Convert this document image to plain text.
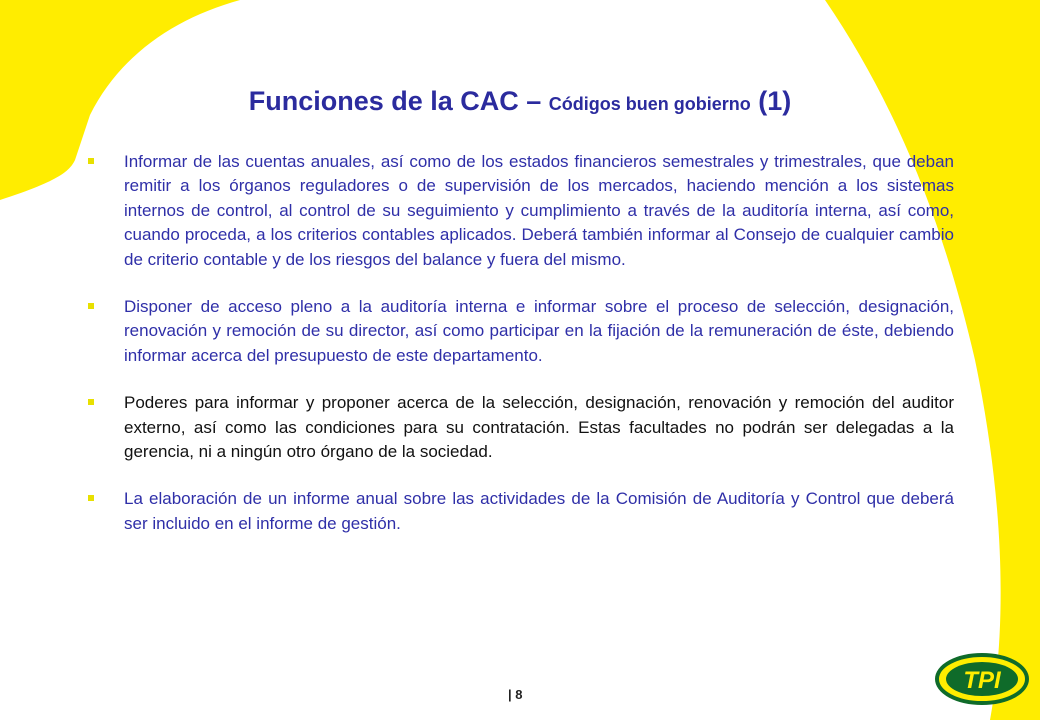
TPI
Funciones de la CAC – Códigos buen gobierno (1)
Informar de las cuentas anuales, así como de los estados financieros semestrales y trimestrales, que deban remitir a los órganos reguladores o de supervisión de los mercados, haciendo mención a los sistemas internos de control, al control de su seguimiento y cumplimiento a través de la auditoría interna, así como, cuando proceda, a los criterios contables aplicados. Deberá también informar al Consejo de cualquier cambio de criterio contable y de los riesgos del balance y fuera del mismo.
Disponer de acceso pleno a la auditoría interna e informar sobre el proceso de selección, designación, renovación y remoción de su director, así como participar en la fijación de la remuneración de éste, debiendo informar acerca del presupuesto de este departamento.
Poderes para informar y proponer acerca de la selección, designación, renovación y remoción del auditor externo, así como las condiciones para su contratación. Estas facultades no podrán ser delegadas a la gerencia, ni a ningún otro órgano de la sociedad.
La elaboración de un informe anual sobre las actividades de la Comisión de Auditoría y Control que deberá ser incluido en el informe de gestión.
| 8
